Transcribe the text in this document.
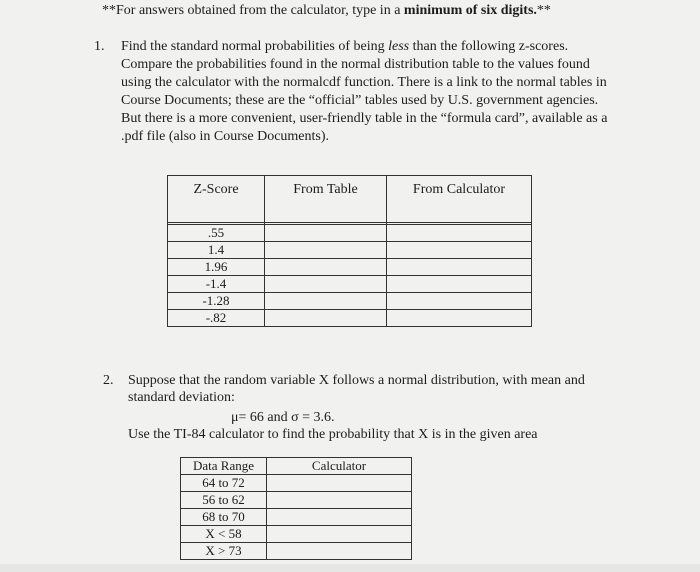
**For answers obtained from the calculator, type in a minimum of six digits.**
1. Find the standard normal probabilities of being less than the following z-scores. Compare the probabilities found in the normal distribution table to the values found using the calculator with the normalcdf function. There is a link to the normal tables in Course Documents; these are the “official” tables used by U.S. government agencies. But there is a more convenient, user-friendly table in the “formula card”, available as a .pdf file (also in Course Documents).
Z-Score	From Table	From Calculator

.55		
1.4		
1.96		
-1.4		
-1.28		
-.82		
2. Suppose that the random variable X follows a normal distribution, with mean and standard deviation:
μ= 66 and σ = 3.6.
Use the TI-84 calculator to find the probability that X is in the given area
Data Range	Calculator
64 to 72	
56 to 62	
68 to 70	
X < 58	
X > 73	
